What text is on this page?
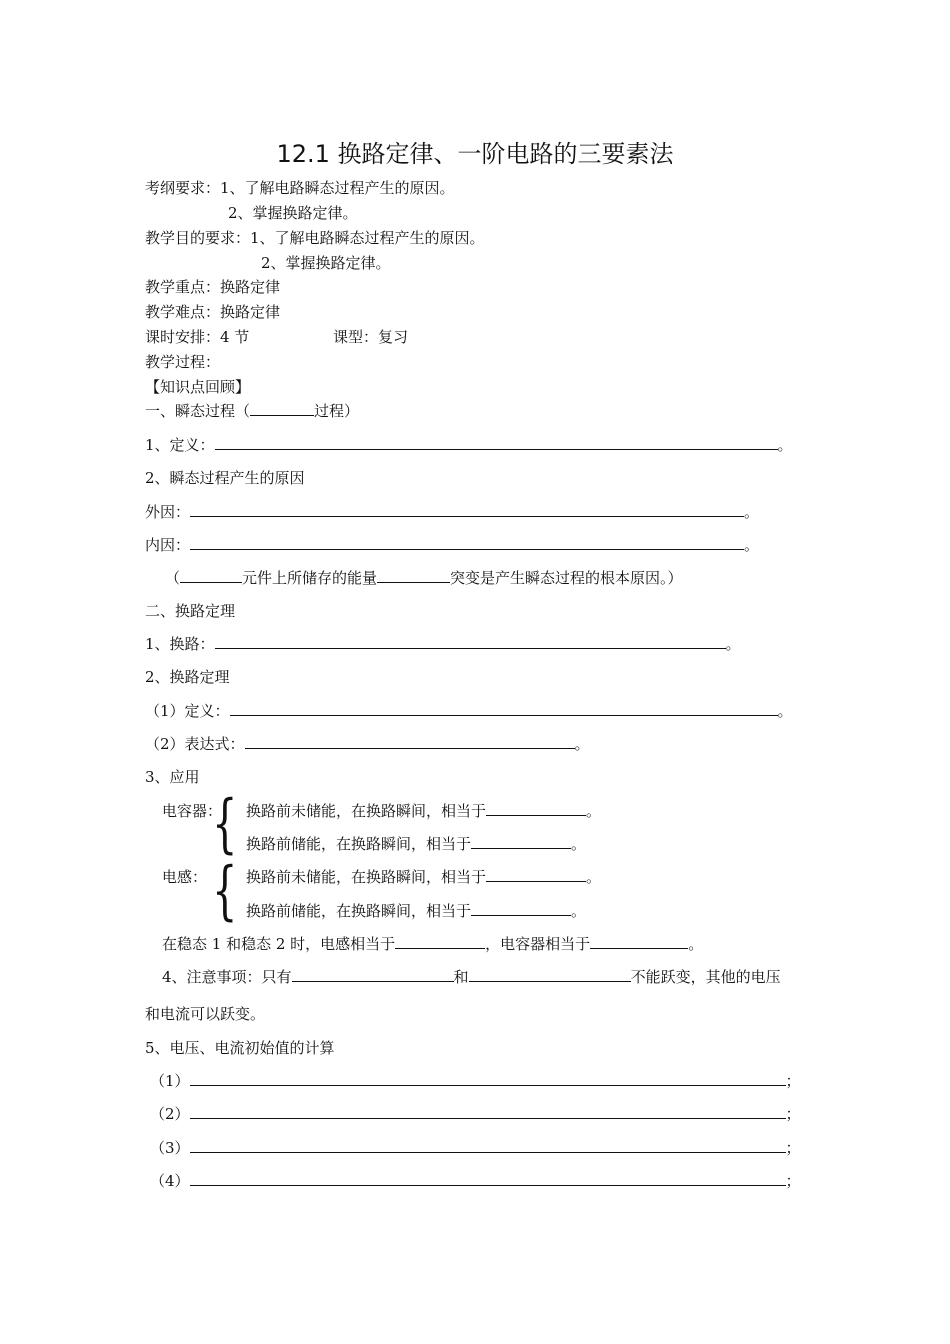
12.1 换路定律、一阶电路的三要素法
考纲要求：1、了解电路瞬态过程产生的原因。
2、掌握换路定律。
教学目的要求：1、了解电路瞬态过程产生的原因。
2、掌握换路定律。
教学重点：换路定律
教学难点：换路定律
课时安排：4 节	课型：复习
教学过程：
【知识点回顾】
一、瞬态过程（	过程）
1、定义：	。
2、瞬态过程产生的原因
外因：	。
内因：	。
（	元件上所储存的能量	突变是产生瞬态过程的根本原因。）
二、换路定理
1、换路：	。
2、换路定理
（1）定义：	。
（2）表达式：	。
3、应用
电容器：
{ 换路前未储能，在换路瞬间，相当于	。
换路前储能，在换路瞬间，相当于	。
电感： { 换路前未储能，在换路瞬间，相当于	。
换路前储能，在换路瞬间，相当于	。
在稳态 1 和稳态 2 时，电感相当于	，电容器相当于	。
4、注意事项：只有	和	不能跃变，其他的电压
和电流可以跃变。
5、电压、电流初始值的计算
（1）	；
（2）	；
（3）	；
（4）	；
